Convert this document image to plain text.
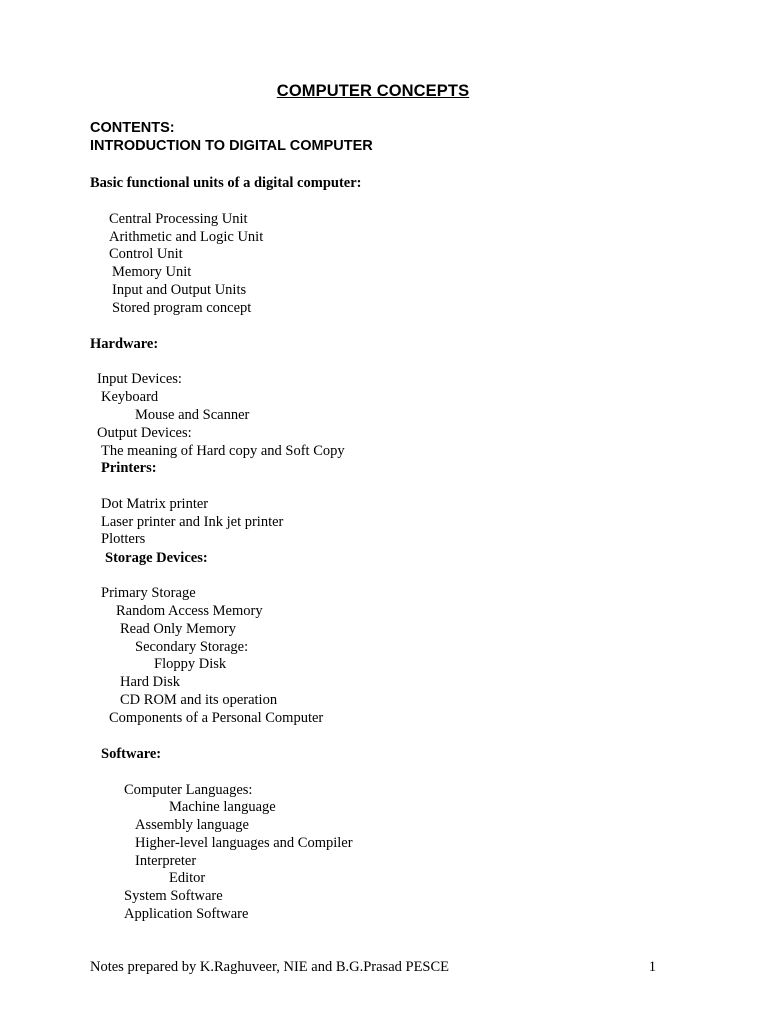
COMPUTER CONCEPTS
CONTENTS:
INTRODUCTION TO DIGITAL COMPUTER
Basic functional units of a digital computer:
Central Processing Unit
Arithmetic and Logic Unit
Control Unit
Memory Unit
Input and Output Units
Stored program concept
Hardware:
Input Devices:
Keyboard
Mouse and Scanner
Output Devices:
The meaning of Hard copy and Soft Copy
Printers:
Dot Matrix printer
Laser printer and Ink jet printer
Plotters
Storage Devices:
Primary Storage
Random Access Memory
Read Only Memory
Secondary Storage:
Floppy Disk
Hard Disk
CD ROM and its operation
Components of a Personal Computer
Software:
Computer Languages:
Machine language
Assembly language
Higher-level languages and Compiler
Interpreter
Editor
System Software
Application Software
Notes prepared by K.Raghuveer, NIE and B.G.Prasad PESCE	1
